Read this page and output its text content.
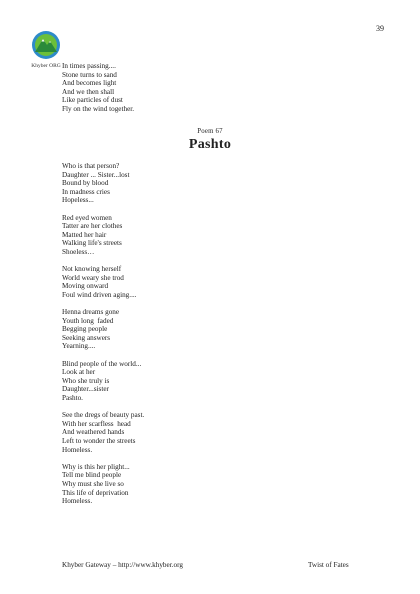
39
Khyber ORG In times passing....
Stone turns to sand
And becomes light
And we then shall
Like particles of dust
Fly on the wind together.
Poem 67
Pashto
Who is that person?
Daughter ... Sister...lost
Bound by blood
In madness cries
Hopeless...
Red eyed women
Tatter are her clothes
Matted her hair
Walking life's streets
Shoeless…
Not knowing herself
World weary she trod
Moving onward
Foul wind driven aging....
Henna dreams gone
Youth long  faded
Begging people
Seeking answers
Yearning....
Blind people of the world...
Look at her
Who she truly is
Daughter...sister
Pashto.
See the dregs of beauty past.
With her scarfless  head
And weathered hands
Left to wonder the streets
Homeless.
Why is this her plight...
Tell me blind people
Why must she live so
This life of deprivation
Homeless.
Khyber Gateway – http://www.khyber.org	Twist of Fates
